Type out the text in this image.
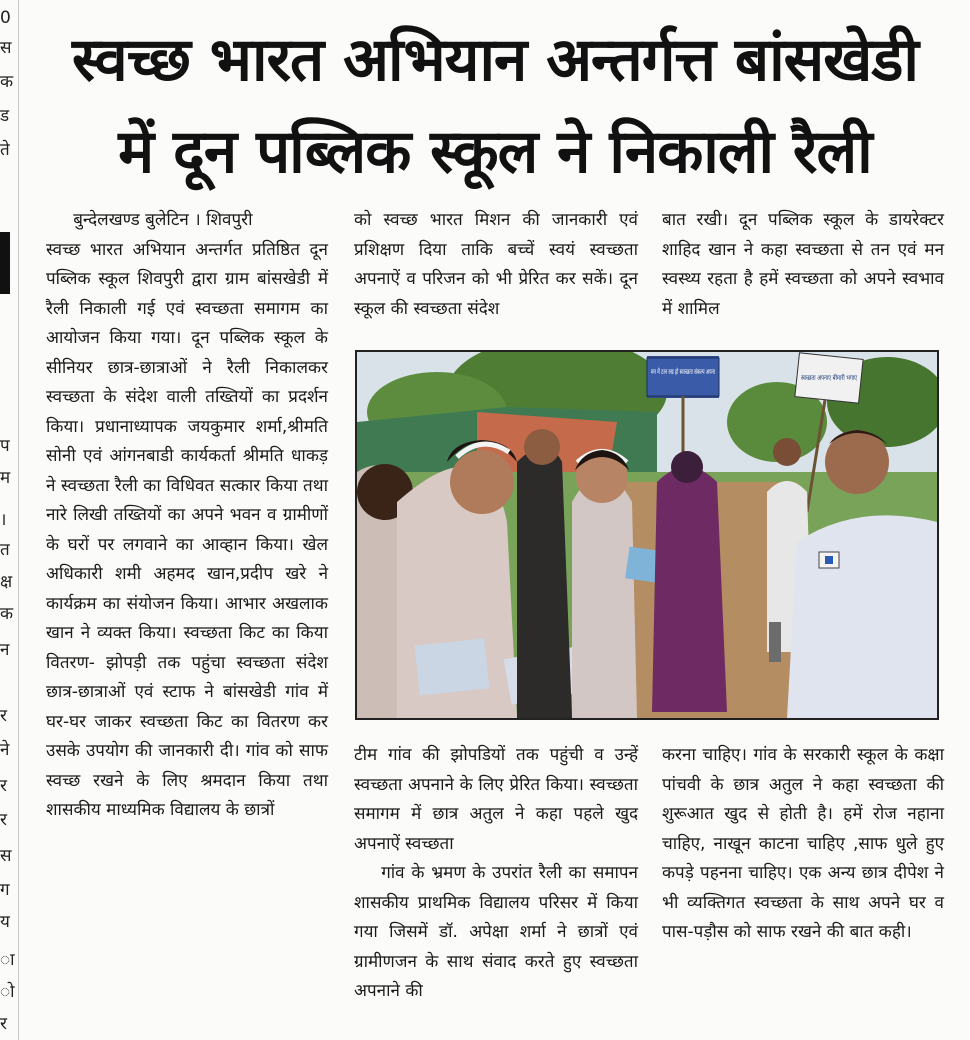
0
स
क
ड
ते
प
म
।
त
क्ष
क
न
र
ने
र
र
स
ग
य
ा
ो
र
स्वच्छ भारत अभियान अन्तर्गत्त बांसखेडी
में दून पब्लिक स्कूल ने निकाली रैली

बुन्देलखण्ड बुलेटिन । शिवपुरी

स्वच्छ भारत अभियान अन्तर्गत प्रतिष्ठित दून पब्लिक स्कूल शिवपुरी द्वारा ग्राम बांसखेडी में रैली निकाली गई एवं स्वच्छता समागम का आयोजन किया गया। दून पब्लिक स्कूल के सीनियर छात्र-छात्राओं ने रैली निकालकर स्वच्छता के संदेश वाली तख्तियों का प्रदर्शन किया। प्रधानाध्यापक जयकुमार शर्मा,श्रीमति सोनी एवं आंगनबाडी कार्यकर्ता श्रीमति धाकड़ ने स्वच्छता रैली का विधिवत सत्कार किया तथा नारे लिखी तख्तियों का अपने भवन व ग्रामीणों के घरों पर लगवाने का आव्हान किया। खेल अधिकारी शमी अहमद खान,प्रदीप खरे ने कार्यक्रम का संयोजन किया। आभार अखलाक खान ने व्यक्त किया। स्वच्छता किट का किया वितरण- झोपड़ी तक पहुंचा स्वच्छता संदेश छात्र-छात्राओं एवं स्टाफ ने बांसखेडी गांव में घर-घर जाकर स्वच्छता किट का वितरण कर उसके उपयोग की जानकारी दी। गांव को साफ स्वच्छ रखने के लिए श्रमदान किया तथा शासकीय माध्यमिक विद्यालय के छात्रों

को स्वच्छ भारत मिशन की जानकारी एवं प्रशिक्षण दिया ताकि बच्चें स्वयं स्वच्छता अपनाऐं व परिजन को भी प्रेरित कर सकें। दून स्कूल की स्वच्छता संदेश

बात रखी। दून पब्लिक स्कूल के डायरेक्टर शाहिद खान ने कहा स्वच्छता से तन एवं मन स्वस्थ्य रहता है हमें स्वच्छता को अपने स्वभाव में शामिल

मन में ठान रख हो स्वाच्छता संकल्प अपना
स्वच्छता अपनाए बीमारी भगाए

टीम गांव की झोपडियों तक पहुंची व उन्हें स्वच्छता अपनाने के लिए प्रेरित किया। स्वच्छता समागम में छात्र अतुल ने कहा पहले खुद अपनाऐं स्वच्छता

गांव के भ्रमण के उपरांत रैली का समापन शासकीय प्राथमिक विद्यालय परिसर में किया गया जिसमें डॉ. अपेक्षा शर्मा ने छात्रों एवं ग्रामीणजन के साथ संवाद करते हुए स्वच्छता अपनाने की

करना चाहिए। गांव के सरकारी स्कूल के कक्षा पांचवी के छात्र अतुल ने कहा स्वच्छता की शुरूआत खुद से होती है। हमें रोज नहाना चाहिए, नाखून काटना चाहिए ,साफ धुले हुए कपड़े पहनना चाहिए। एक अन्य छात्र दीपेश ने भी व्यक्तिगत स्वच्छता के साथ अपने घर व पास-पड़ौस को साफ रखने की बात कही।
